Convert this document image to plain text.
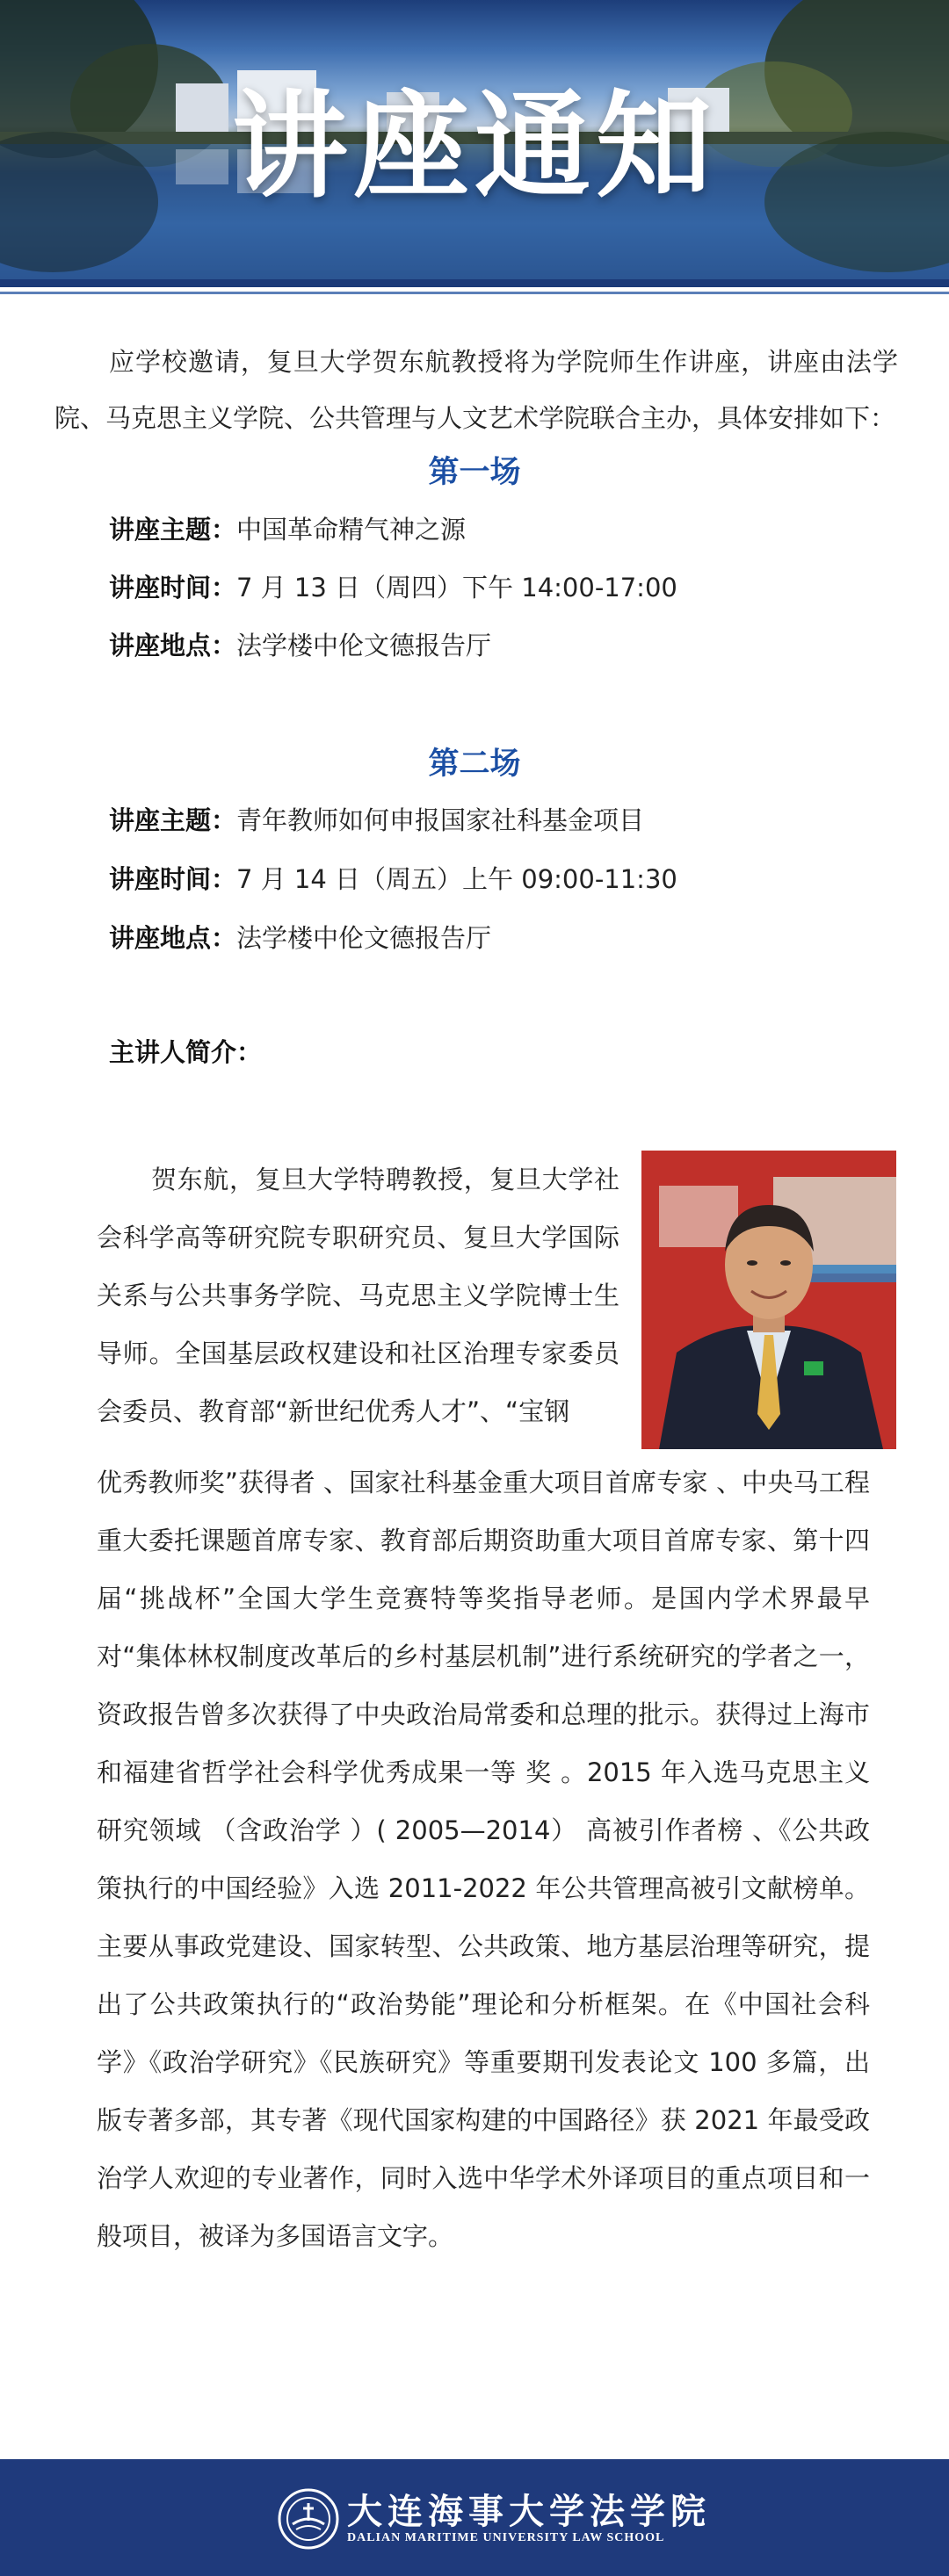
讲座通知
应学校邀请，复旦大学贺东航教授将为学院师生作讲座，讲座由法学院、马克思主义学院、公共管理与人文艺术学院联合主办，具体安排如下：
第一场
讲座主题：中国革命精气神之源
讲座时间：7 月 13 日（周四）下午 14:00-17:00
讲座地点：法学楼中伦文德报告厅
第二场
讲座主题：青年教师如何申报国家社科基金项目
讲座时间：7 月 14 日（周五）上午 09:00-11:30
讲座地点：法学楼中伦文德报告厅
主讲人简介：
贺东航，复旦大学特聘教授，复旦大学社会科学高等研究院专职研究员、复旦大学国际关系与公共事务学院、马克思主义学院博士生导师。全国基层政权建设和社区治理专家委员会委员、教育部“新世纪优秀人才”、“宝钢
优秀教师奖”获得者 、国家社科基金重大项目首席专家 、中央马工程重大委托课题首席专家、教育部后期资助重大项目首席专家、第十四届“挑战杯”全国大学生竞赛特等奖指导老师。是国内学术界最早对“集体林权制度改革后的乡村基层机制”进行系统研究的学者之一，资政报告曾多次获得了中央政治局常委和总理的批示。获得过上海市和福建省哲学社会科学优秀成果一等 奖 。2015 年入选马克思主义研究领域 （含政治学 ）( 2005—2014） 高被引作者榜 、《公共政策执行的中国经验》入选 2011-2022 年公共管理高被引文献榜单。主要从事政党建设、国家转型、公共政策、地方基层治理等研究，提出了公共政策执行的“政治势能”理论和分析框架。在《中国社会科学》《政治学研究》《民族研究》等重要期刊发表论文 100 多篇，出版专著多部，其专著《现代国家构建的中国路径》获 2021 年最受政治学人欢迎的专业著作，同时入选中华学术外译项目的重点项目和一般项目，被译为多国语言文字。
大连海事大学法学院
DALIAN MARITIME UNIVERSITY LAW SCHOOL
